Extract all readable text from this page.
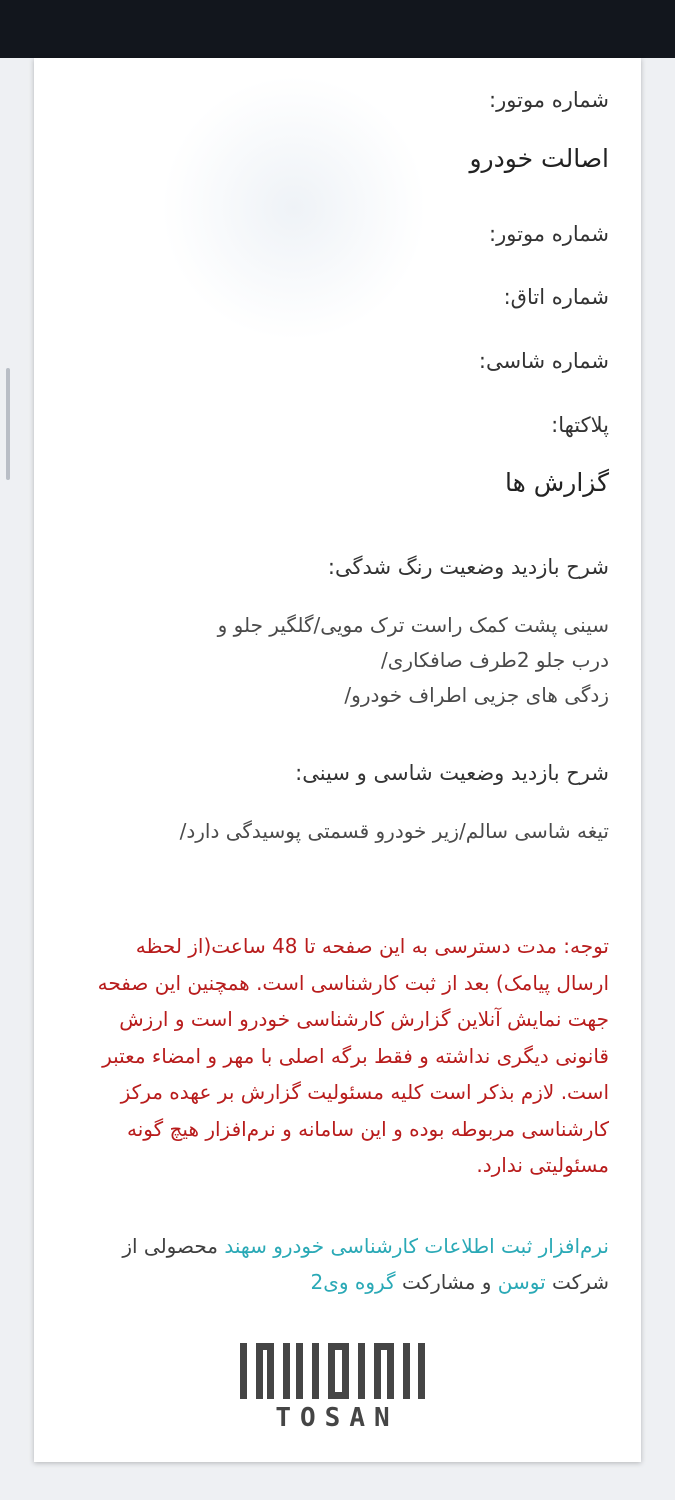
شماره موتور:
اصالت خودرو
شماره موتور:
شماره اتاق:
شماره شاسی:
پلاکتها:
گزارش ها
شرح بازدید وضعیت رنگ شدگی:
سینی پشت کمک راست ترک مویی/گلگیر جلو و
درب جلو 2طرف صافکاری/
زدگی های جزیی اطراف خودرو/
شرح بازدید وضعیت شاسی و سینی:
تیغه شاسی سالم/زیر خودرو قسمتی پوسیدگی دارد/
توجه: مدت دسترسی به این صفحه تا 48 ساعت(از لحظه ارسال پیامک) بعد از ثبت کارشناسی است. همچنین این صفحه جهت نمایش آنلاین گزارش کارشناسی خودرو است و ارزش قانونی دیگری نداشته و فقط برگه اصلی با مهر و امضاء معتبر است. لازم بذکر است کلیه مسئولیت گزارش بر عهده مرکز کارشناسی مربوطه بوده و این سامانه و نرم‌افزار هیچ گونه مسئولیتی ندارد.
نرم‌افزار ثبت اطلاعات کارشناسی خودرو سهند محصولی از شرکت توسن و مشارکت گروه وی2
TOSAN
